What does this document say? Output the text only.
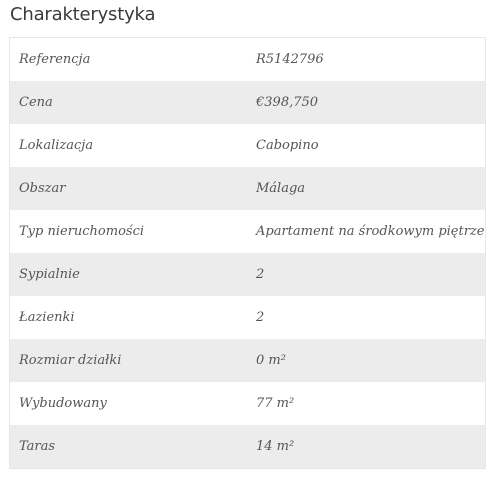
Charakterystyka
Referencja	R5142796
Cena	€398,750
Lokalizacja	Cabopino
Obszar	Málaga
Typ nieruchomości	Apartament na środkowym piętrze
Sypialnie	2
Łazienki	2
Rozmiar działki	0 m²
Wybudowany	77 m²
Taras	14 m²
